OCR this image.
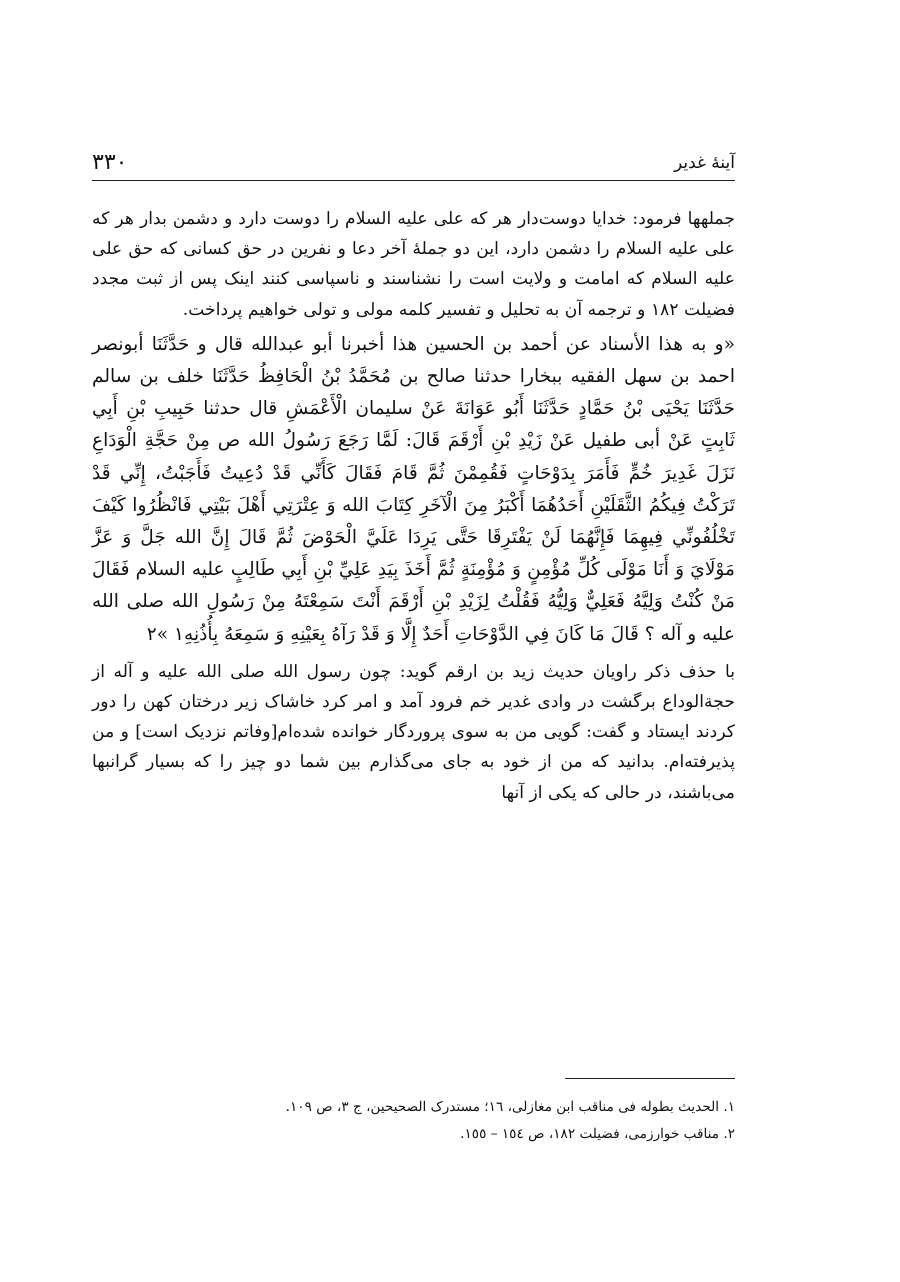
۳۳۰	آینهٔ غدیر

جملهها فرمود: خدایا دوست‌دار هر که علی علیه السلام را دوست دارد و دشمن بدار هر که علی علیه السلام را دشمن دارد، این دو جملهٔ آخر دعا و نفرین در حق کسانی که حق علی علیه السلام که امامت و ولایت است را نشناسند و ناسپاسی کنند اینک پس از ثبت مجدد فضیلت ۱۸۲ و ترجمه آن به تحلیل و تفسیر کلمه مولی و تولی خواهیم پرداخت.

«و به هذا الأسناد عن أحمد بن الحسين هذا أخبرنا أبو عبدالله قال و حَدَّثَنَا أبونصر احمد بن سهل الفقيه ببخارا حدثنا صالح بن مُحَمَّدُ بْنُ الْحَافِظُ حَدَّثَنَا خلف بن سالم حَدَّثَنَا يَحْيَى بْنُ حَمَّادٍ حَدَّثَنَا أَبُو عَوَانَةَ عَنْ سليمان الْأَعْمَشِ قال حدثنا حَبِيبِ بْنِ أَبِي ثَابِتٍ عَنْ أبى طفيل عَنْ زَيْدِ بْنِ أَرْقَمَ قَالَ: لَمَّا رَجَعَ رَسُولُ الله ص مِنْ حَجَّةِ الْوَدَاعِ نَزَلَ غَدِيرَ خُمٍّ فَأَمَرَ بِدَوْحَاتٍ فَقُمِمْنَ ثُمَّ قَامَ فَقَالَ كَأَنِّي قَدْ دُعِيتُ فَأَجَبْتُ، إِنِّي قَدْ تَرَكْتُ فِيكُمُ الثَّقَلَيْنِ أَحَدُهُمَا أَكْبَرُ مِنَ الْآخَرِ كِتَابَ الله وَ عِتْرَتِي أَهْلَ بَيْتِي فَانْظُرُوا كَيْفَ تَخْلُفُونِّي فِيهِمَا فَإِنَّهُمَا لَنْ يَفْتَرِقَا حَتَّى يَرِدَا عَلَيَّ الْحَوْضَ ثُمَّ قَالَ إِنَّ الله جَلَّ وَ عَزَّ مَوْلَايَ وَ أَنَا مَوْلَى كُلِّ مُؤْمِنٍ وَ مُؤْمِنَةٍ ثُمَّ أَخَذَ بِيَدِ عَلِيِّ بْنِ أَبِي طَالِبٍ علیه السلام فَقَالَ مَنْ كُنْتُ وَلِيَّهُ فَعَلِيٌّ وَلِيُّهُ فَقُلْتُ لِزَيْدِ بْنِ أَرْقَمَ أَنْتَ سَمِعْتَهُ مِنْ رَسُولِ الله صلی الله علیه و آله ؟ قَالَ مَا كَانَ فِي الدَّوْحَاتِ أَحَدٌ إِلَّا وَ قَدْ رَآهُ بِعَيْنِهِ وَ سَمِعَهُ بِأُذُنِهِ۱ »۲

با حذف ذکر راویان حدیث زید بن ارقم گوید: چون رسول الله صلی الله علیه و آله از حجةالوداع برگشت در وادی غدیر خم فرود آمد و امر کرد خاشاک زیر درختان کهن را دور کردند ایستاد و گفت: گویی من به سوی پروردگار خوانده شده‌ام[وفاتم نزدیک است] و من پذیرفته‌ام. بدانید که من از خود به جای می‌گذارم بین شما دو چیز را که بسیار گرانبها می‌باشند، در حالی که یکی از آنها

۱. الحديث بطوله فی مناقب ابن مغازلی، ۱٦؛ مستدرک الصحيحين، ج ۳، ص ۱۰۹.

۲. مناقب خوارزمی، فضيلت ۱۸۲، ص ۱٥٤ – ۱٥٥.
